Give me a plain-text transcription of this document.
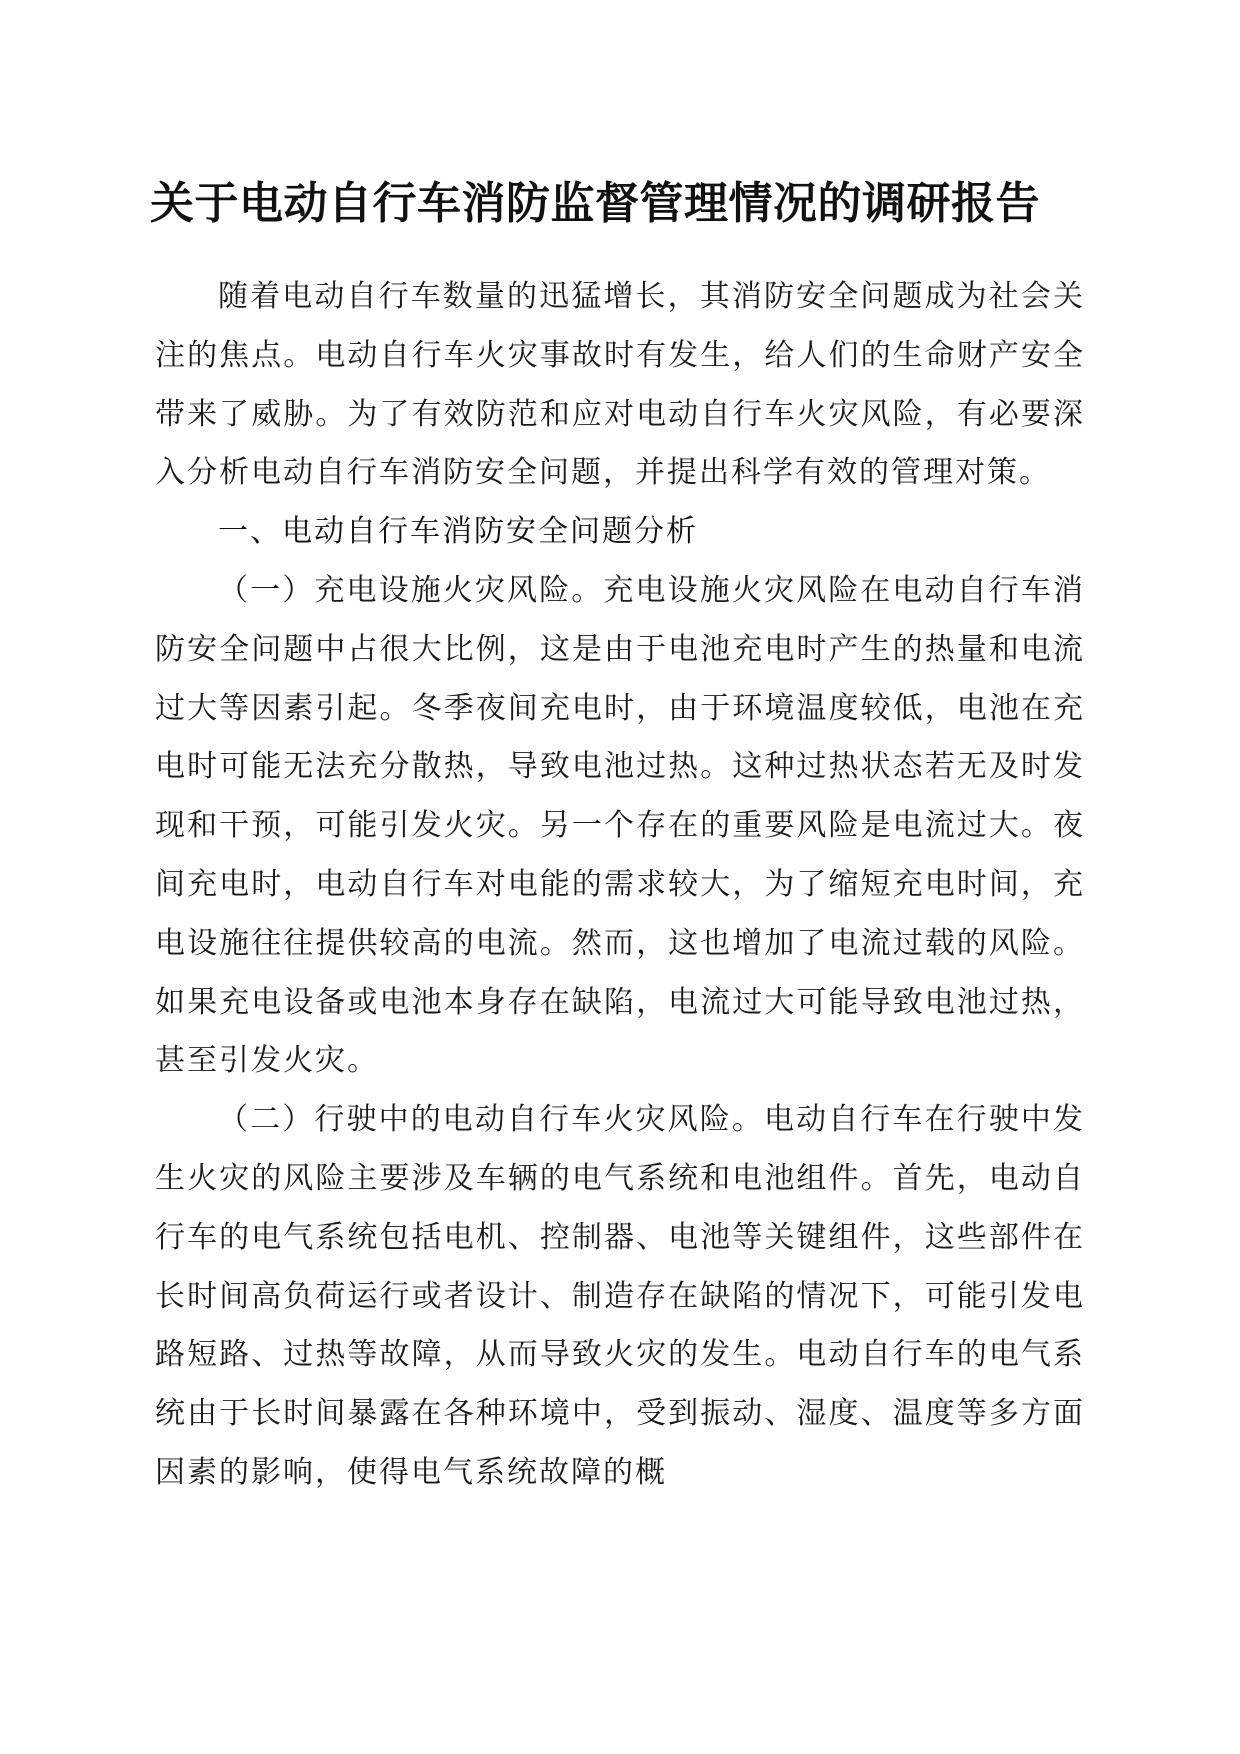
关于电动自行车消防监督管理情况的调研报告

随着电动自行车数量的迅猛增长，其消防安全问题成为社会关注的焦点。电动自行车火灾事故时有发生，给人们的生命财产安全带来了威胁。为了有效防范和应对电动自行车火灾风险，有必要深入分析电动自行车消防安全问题，并提出科学有效的管理对策。

一、电动自行车消防安全问题分析

（一）充电设施火灾风险。充电设施火灾风险在电动自行车消防安全问题中占很大比例，这是由于电池充电时产生的热量和电流过大等因素引起。冬季夜间充电时，由于环境温度较低，电池在充电时可能无法充分散热，导致电池过热。这种过热状态若无及时发现和干预，可能引发火灾。另一个存在的重要风险是电流过大。夜间充电时，电动自行车对电能的需求较大，为了缩短充电时间，充电设施往往提供较高的电流。然而，这也增加了电流过载的风险。如果充电设备或电池本身存在缺陷，电流过大可能导致电池过热，甚至引发火灾。

（二）行驶中的电动自行车火灾风险。电动自行车在行驶中发生火灾的风险主要涉及车辆的电气系统和电池组件。首先，电动自行车的电气系统包括电机、控制器、电池等关键组件，这些部件在长时间高负荷运行或者设计、制造存在缺陷的情况下，可能引发电路短路、过热等故障，从而导致火灾的发生。电动自行车的电气系统由于长时间暴露在各种环境中，受到振动、湿度、温度等多方面因素的影响，使得电气系统故障的概
